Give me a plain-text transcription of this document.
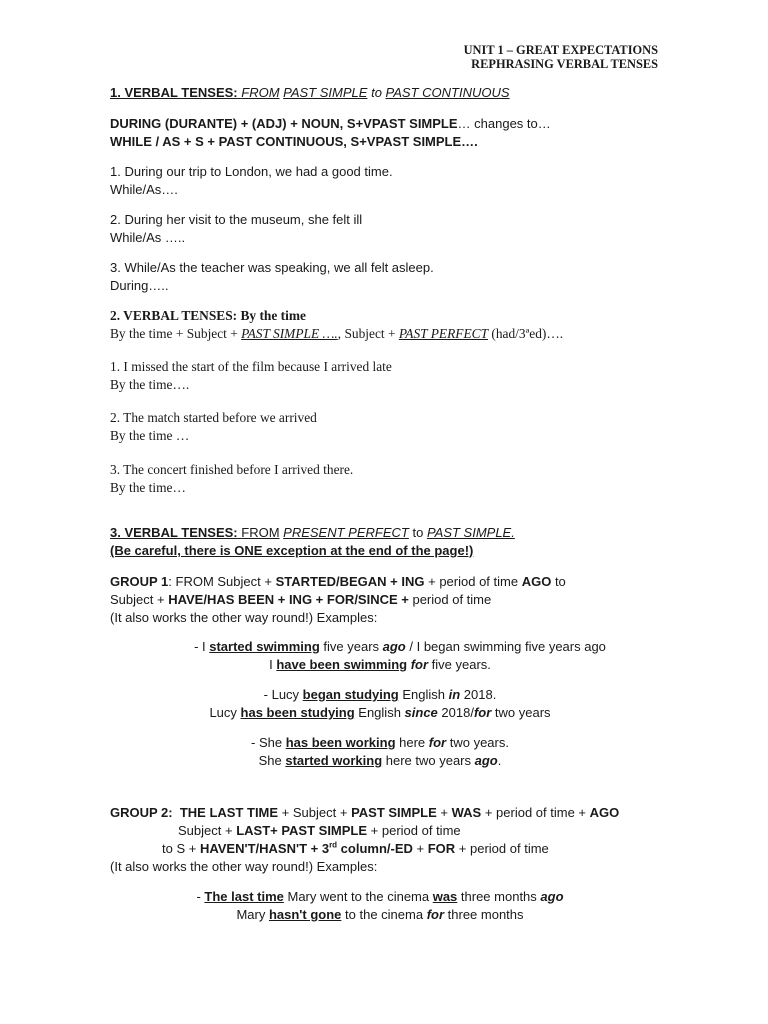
UNIT 1 – GREAT EXPECTATIONS
REPHRASING VERBAL TENSES
1. VERBAL TENSES: FROM PAST SIMPLE to PAST CONTINUOUS
DURING (DURANTE) + (ADJ) + NOUN, S+VPAST SIMPLE… changes to…
WHILE / AS + S + PAST CONTINUOUS, S+VPAST SIMPLE….
1. During our trip to London, we had a good time.
While/As….
2. During her visit to the museum, she felt ill
While/As …..
3. While/As the teacher was speaking, we all felt asleep.
During…..
2. VERBAL TENSES: By the time
By the time + Subject + PAST SIMPLE …., Subject + PAST PERFECT (had/3ªed)….
1. I missed the start of the film because I arrived late
By the time….
2. The match started before we arrived
By the time …
3. The concert finished before I arrived there.
By the time…
3. VERBAL TENSES: FROM PRESENT PERFECT to PAST SIMPLE.
(Be careful, there is ONE exception at the end of the page!)
GROUP 1: FROM Subject + STARTED/BEGAN + ING + period of time AGO to
Subject + HAVE/HAS BEEN + ING + FOR/SINCE + period of time
(It also works the other way round!) Examples:
- I started swimming five years ago / I began swimming five years ago
I have been swimming for five years.
- Lucy began studying English in 2018.
Lucy has been studying English since 2018/for two years
- She has been working here for two years.
She started working here two years ago.
GROUP 2: THE LAST TIME + Subject + PAST SIMPLE + WAS + period of time + AGO
Subject + LAST+ PAST SIMPLE + period of time
to S + HAVEN'T/HASN'T + 3rd column/-ED + FOR + period of time
(It also works the other way round!) Examples:
- The last time Mary went to the cinema was three months ago
Mary hasn't gone to the cinema for three months
